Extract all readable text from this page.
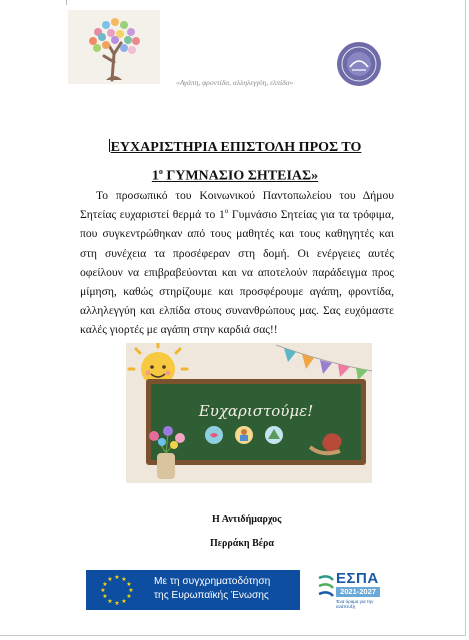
«Αγάπη, φροντίδα, αλληλεγγύη, ελπίδα»
ΕΥΧΑΡΙΣΤΗΡΙΑ ΕΠΙΣΤΟΛΗ ΠΡΟΣ ΤΟ
$1^o$ ΓΥΜΝΑΣΙΟ ΣΗΤΕΙΑΣ»
Το προσωπικό του Κοινωνικού Παντοπωλείου του Δήμου Σητείας ευχαριστεί θερμά το $1^o$ Γυμνάσιο Σητείας για τα τρόφιμα, που συγκεντρώθηκαν από τους μαθητές και τους καθηγητές και στη συνέχεια τα προσέφεραν στη δομή. Οι ενέργειες αυτές οφείλουν να επιβραβεύονται και να αποτελούν παράδειγμα προς μίμηση, καθώς στηρίζουμε και προσφέρουμε αγάπη, φροντίδα, αλληλεγγύη και ελπίδα στους συνανθρώπους μας. Σας ευχόμαστε καλές γιορτές με αγάπη στην καρδιά σας!!
Ευχαριστούμε!
Η Αντιδήμαρχος
Περράκη Βέρα
★ ★
★
★
★
★
★
★
★
★
★
★	Με τη συγχρηματοδότηση
της Ευρωπαϊκής Ένωσης
ΕΣΠΑ
2021-2027
Ένα όραμα για την ανάπτυξη
